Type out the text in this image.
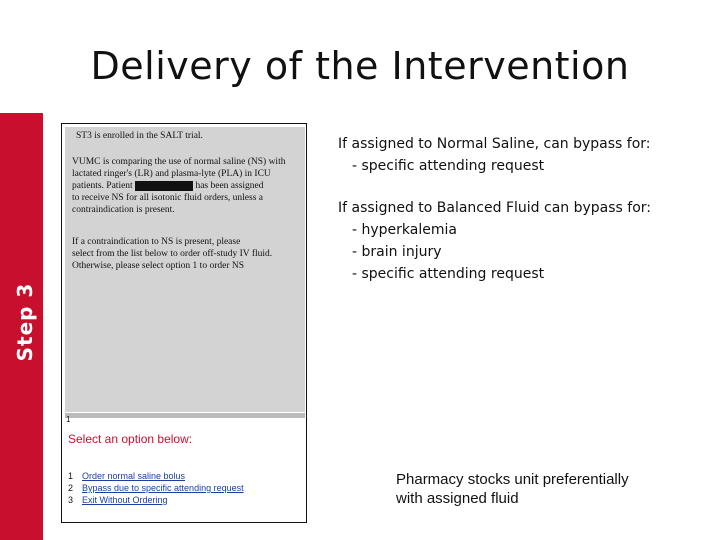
Delivery of the Intervention
Step 3
ST3 is enrolled in the SALT trial.
VUMC is comparing the use of normal saline (NS) with
lactated ringer's (LR) and plasma-lyte (PLA) in ICU
patients. Patient	has been assigned
to receive NS for all isotonic fluid orders, unless a
contraindication is present.
If a contraindication to NS is present, please
select from the list below to order off-study IV fluid.
Otherwise, please select option 1 to order NS
1
Select an option below:
1 Order normal saline bolus
2 Bypass due to specific attending request
3 Exit Without Ordering
If assigned to Normal Saline, can bypass for:
- specific attending request
If assigned to Balanced Fluid can bypass for:
- hyperkalemia
- brain injury
- specific attending request
Pharmacy stocks unit preferentially
with assigned fluid
